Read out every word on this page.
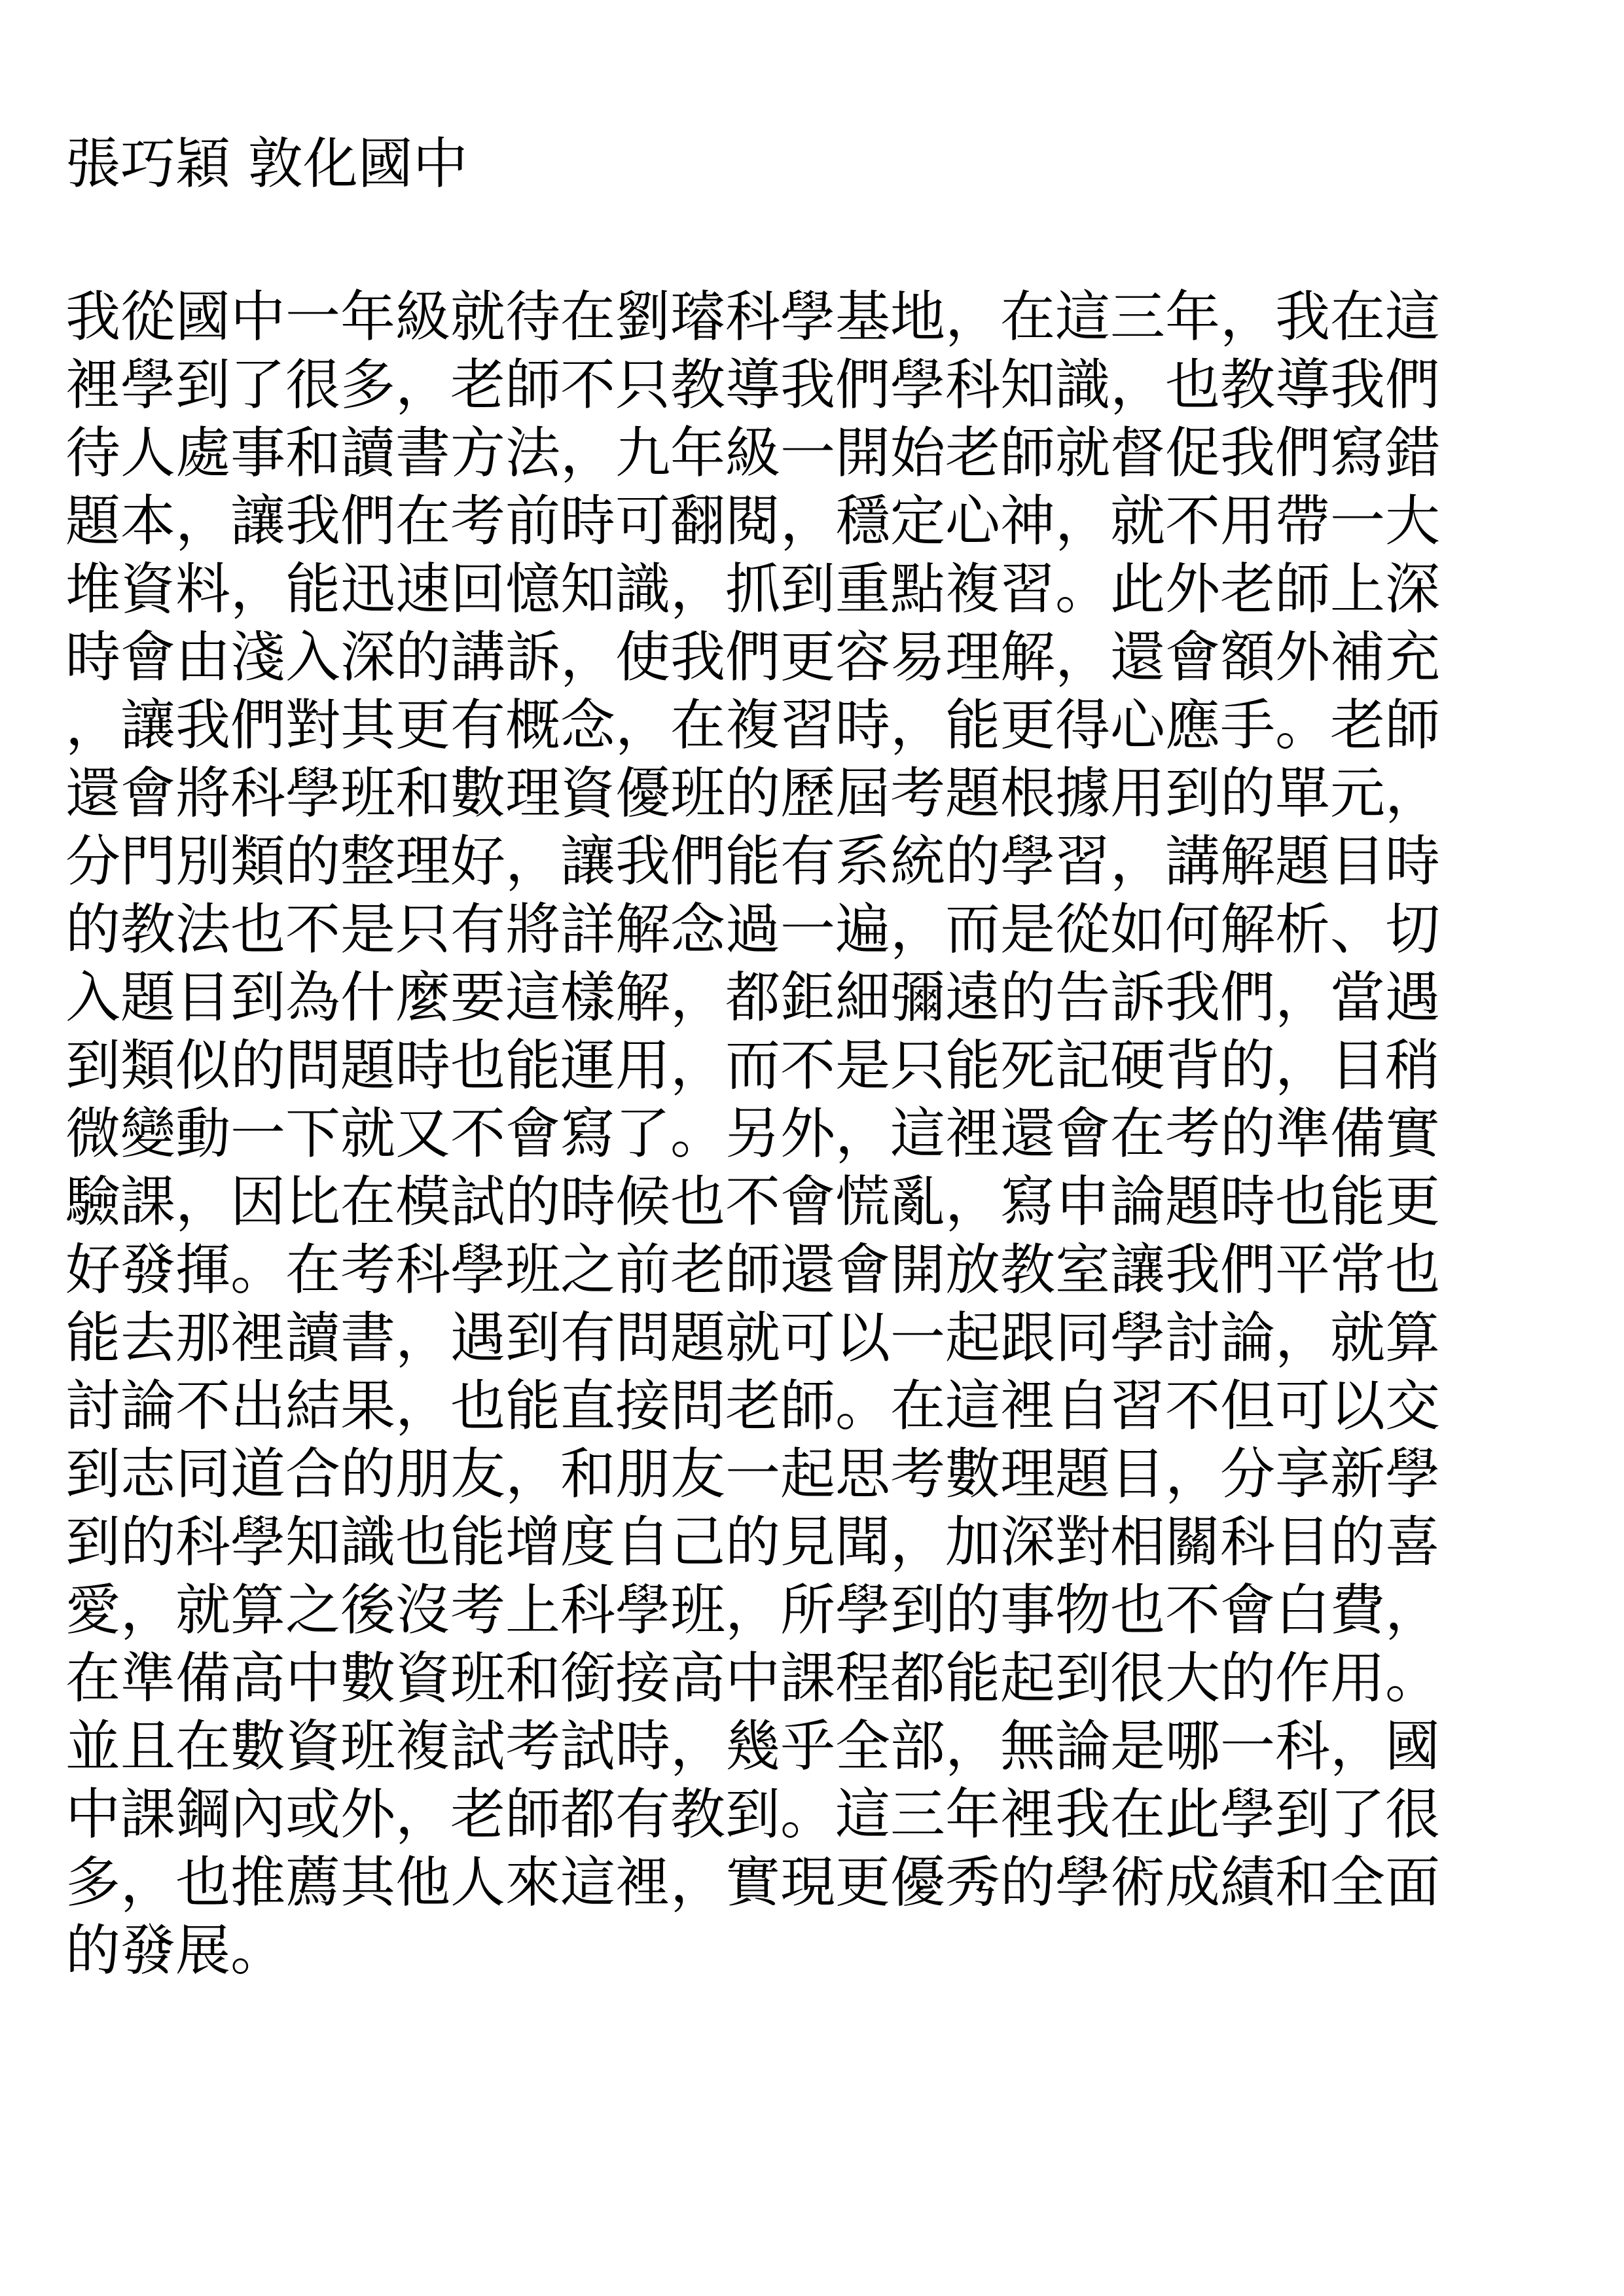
張巧穎 敦化國中
我從國中一年級就待在劉璿科學基地，在這三年，我在這
裡學到了很多，老師不只教導我們學科知識，也教導我們
待人處事和讀書方法，九年級一開始老師就督促我們寫錯
題本，讓我們在考前時可翻閱，穩定心神，就不用帶一大
堆資料，能迅速回憶知識，抓到重點複習。此外老師上深
時會由淺入深的講訴，使我們更容易理解，還會額外補充
，讓我們對其更有概念，在複習時，能更得心應手。老師
還會將科學班和數理資優班的歷屆考題根據用到的單元，
分門別類的整理好，讓我們能有系統的學習，講解題目時
的教法也不是只有將詳解念過一遍，而是從如何解析、切
入題目到為什麼要這樣解，都鉅細彌遠的告訴我們，當遇
到類似的問題時也能運用，而不是只能死記硬背的，目稍
微變動一下就又不會寫了。另外，這裡還會在考的準備實
驗課，因比在模試的時候也不會慌亂，寫申論題時也能更
好發揮。在考科學班之前老師還會開放教室讓我們平常也
能去那裡讀書，遇到有問題就可以一起跟同學討論，就算
討論不出結果，也能直接問老師。在這裡自習不但可以交
到志同道合的朋友，和朋友一起思考數理題目，分享新學
到的科學知識也能增度自己的見聞，加深對相關科目的喜
愛，就算之後沒考上科學班，所學到的事物也不會白費，
在準備高中數資班和銜接高中課程都能起到很大的作用。
並且在數資班複試考試時，幾乎全部，無論是哪一科，國
中課鋼內或外，老師都有教到。這三年裡我在此學到了很
多，也推薦其他人來這裡，實現更優秀的學術成績和全面
的發展。
